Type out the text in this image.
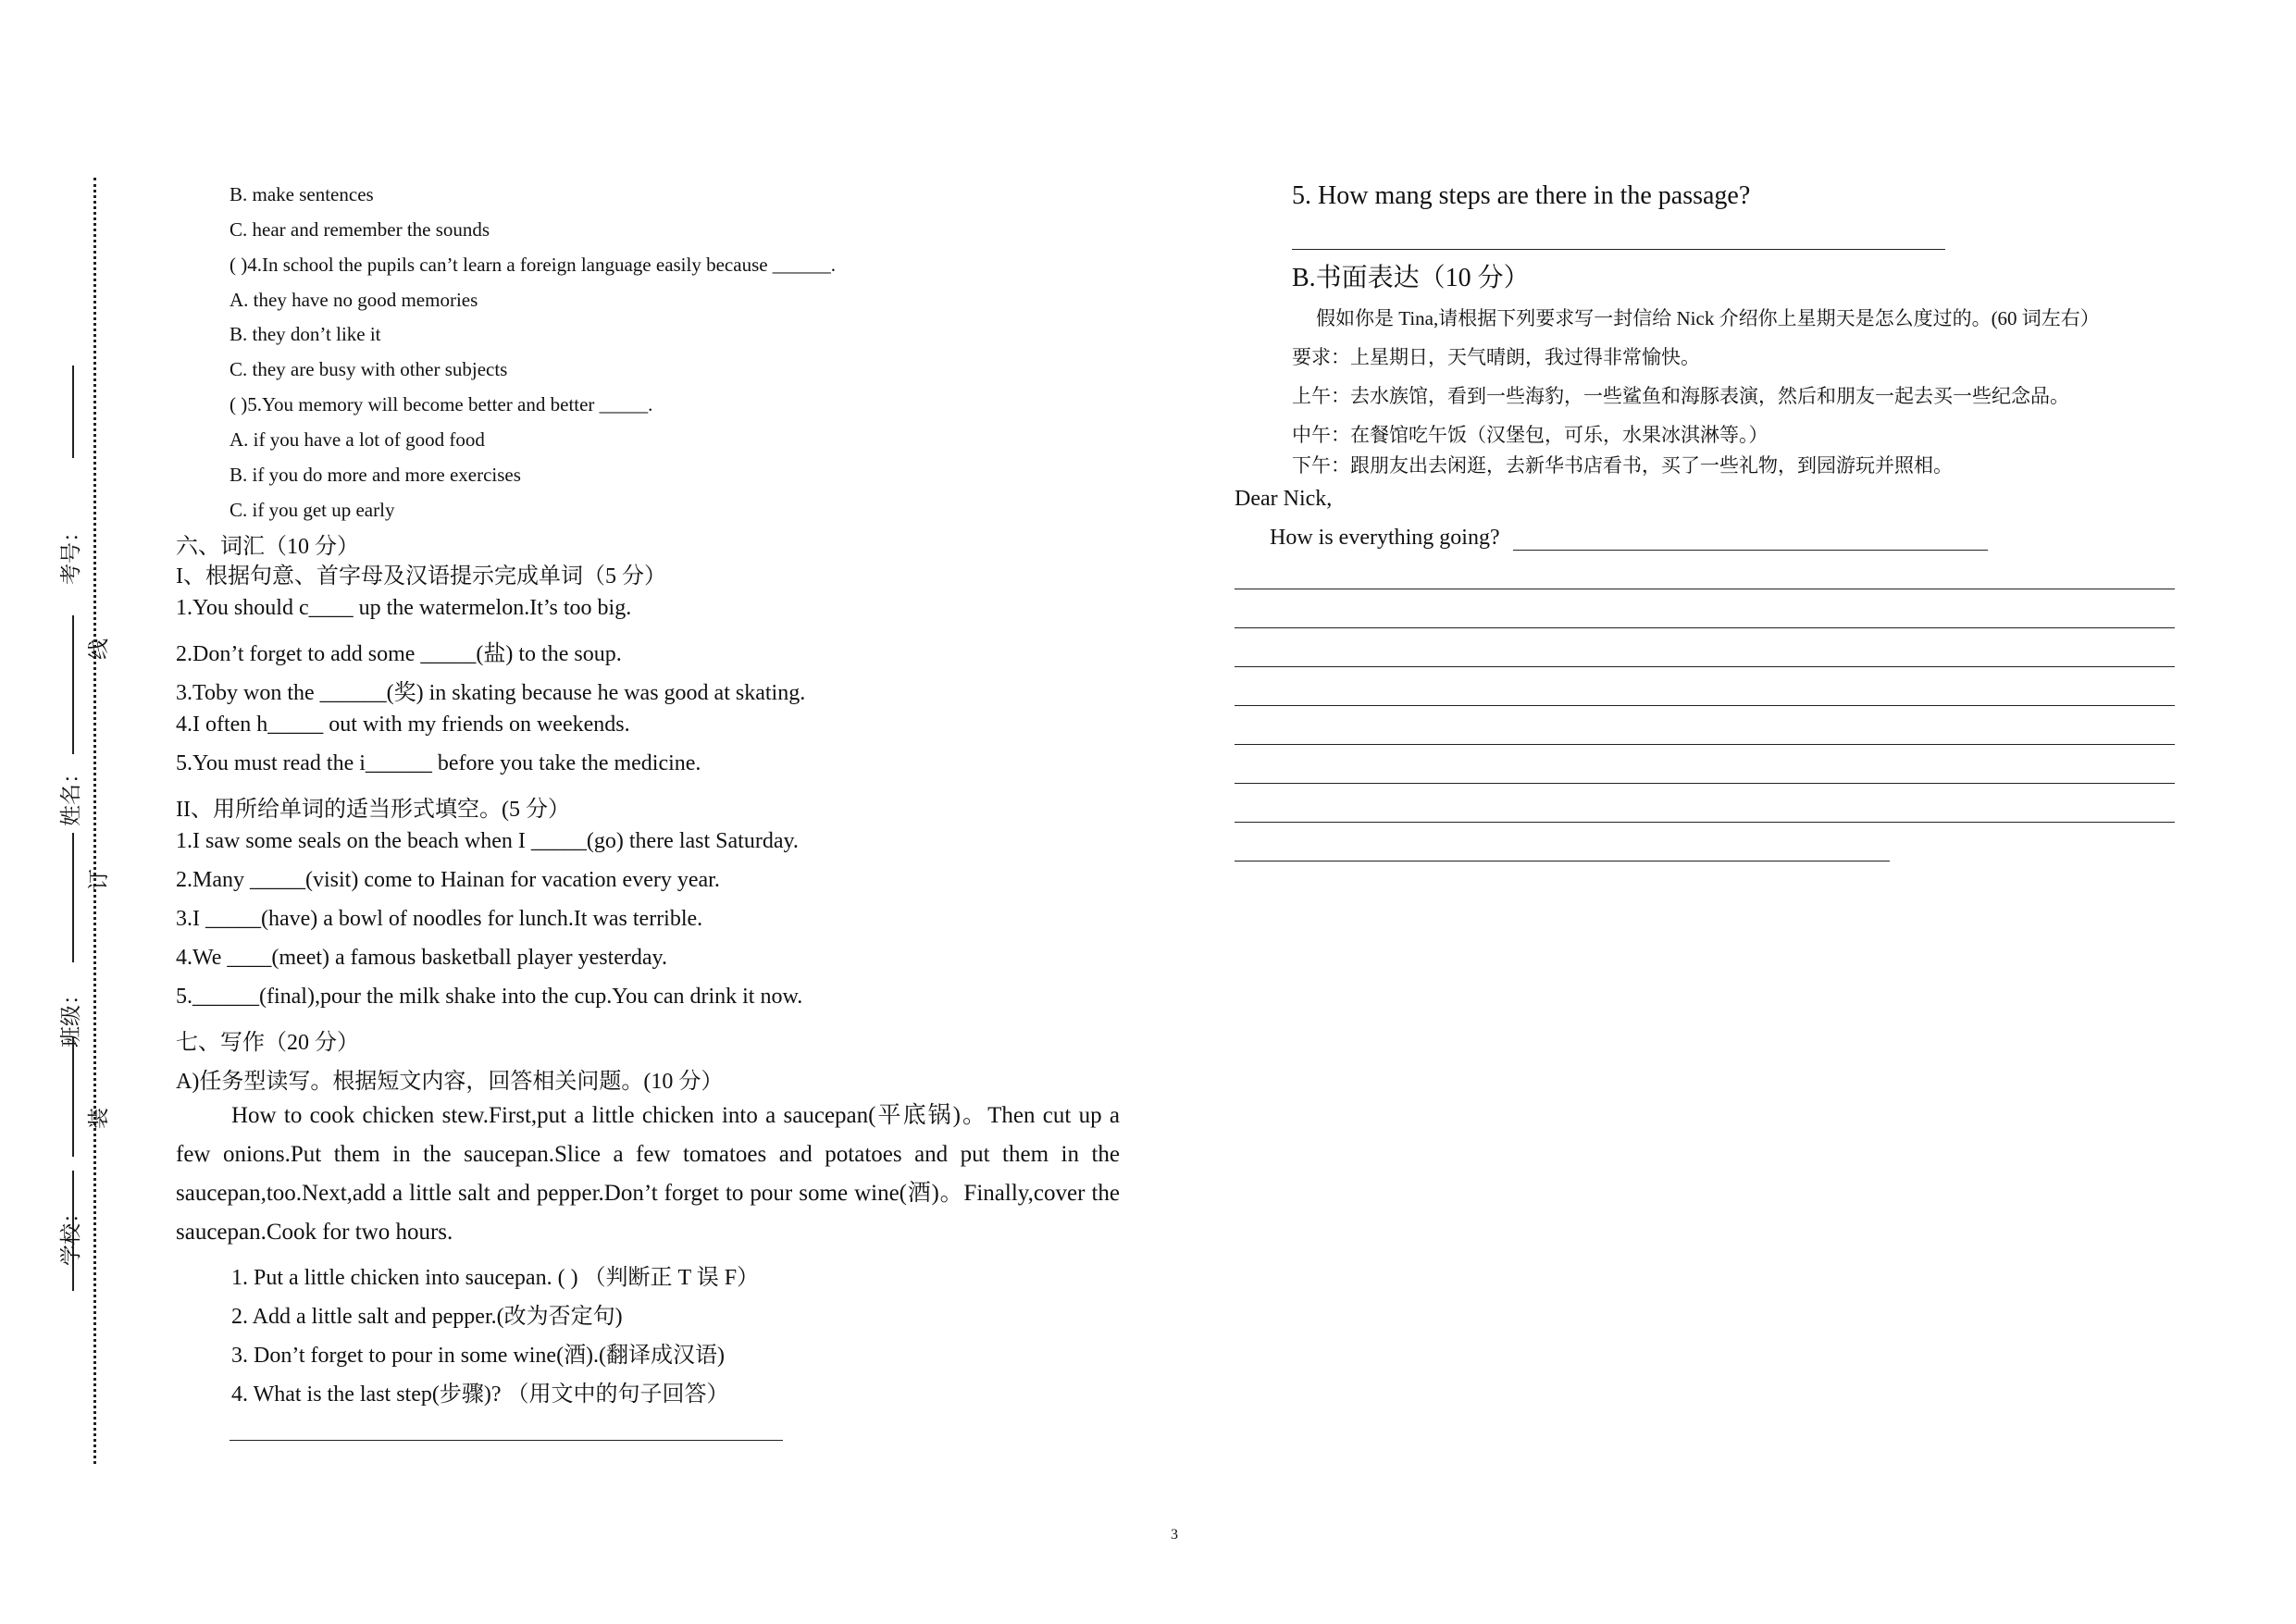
考号：
线
姓名：
订
班级：
装
学校：
B. make sentences
C. hear and remember the sounds
( )4.In school the pupils can’t learn a foreign language easily because ______.
A. they have no good memories
B. they don’t like it
C. they are busy with other subjects
( )5.You memory will become better and better _____.
A. if you have a lot of good food
B. if you do more and more exercises
C. if you get up early
六、词汇（10 分）
I、根据句意、首字母及汉语提示完成单词（5 分）
1.You should c____ up the watermelon.It’s too big.
2.Don’t forget to add some _____(盐) to the soup.
3.Toby won the ______(奖) in skating because he was good at skating.
4.I often h_____ out with my friends on weekends.
5.You must read the i______ before you take the medicine.
II、用所给单词的适当形式填空。(5 分）
1.I saw some seals on the beach when I _____(go) there last Saturday.
2.Many _____(visit) come to Hainan for vacation every year.
3.I _____(have) a bowl of noodles for lunch.It was terrible.
4.We ____(meet) a famous basketball player yesterday.
5.______(final),pour the milk shake into the cup.You can drink it now.
七、写作（20 分）
A)任务型读写。根据短文内容，回答相关问题。(10 分）
How to cook chicken stew.First,put a little chicken into a saucepan(平底锅)。Then cut up a few onions.Put them in the saucepan.Slice a few tomatoes and potatoes and put them in the saucepan,too.Next,add a little salt and pepper.Don’t forget to pour some wine(酒)。Finally,cover the saucepan.Cook for two hours.
1. Put a little chicken into saucepan. ( ) （判断正 T 误 F）
2. Add a little salt and pepper.(改为否定句)
3. Don’t forget to pour in some wine(酒).(翻译成汉语)
4. What is the last step(步骤)? （用文中的句子回答）
5. How mang steps are there in the passage?
B.书面表达（10 分）
假如你是 Tina,请根据下列要求写一封信给 Nick 介绍你上星期天是怎么度过的。(60 词左右）
要求：上星期日，天气晴朗，我过得非常愉快。
上午：去水族馆，看到一些海豹，一些鲨鱼和海豚表演，然后和朋友一起去买一些纪念品。
中午：在餐馆吃午饭（汉堡包，可乐，水果冰淇淋等。）
下午：跟朋友出去闲逛，去新华书店看书，买了一些礼物，到园游玩并照相。
Dear Nick,
How is everything going?
3
